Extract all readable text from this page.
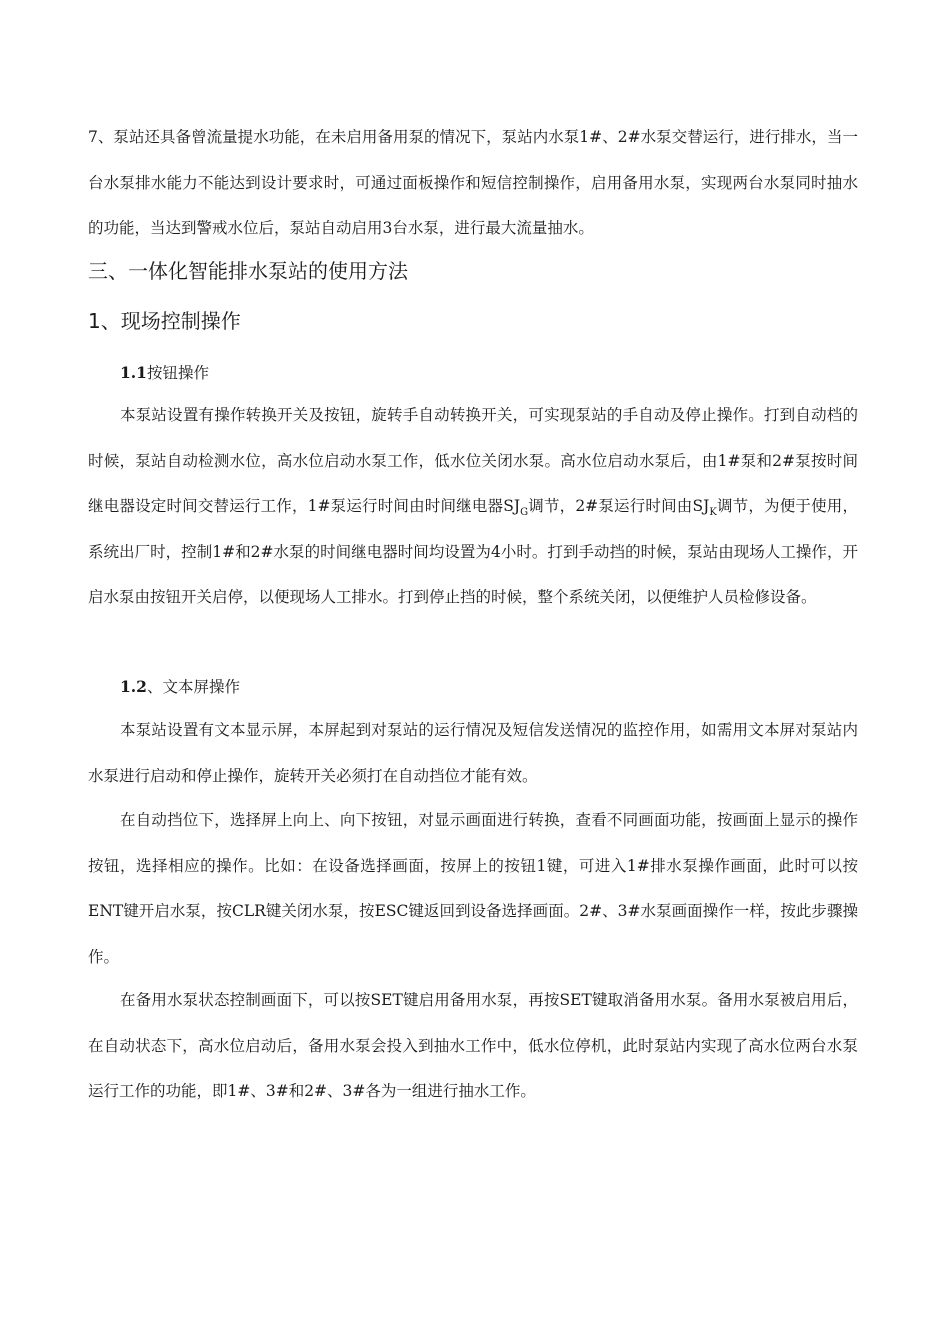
7、泵站还具备曾流量提水功能，在未启用备用泵的情况下，泵站内水泵1#、2#水泵交替运行，进行排水，当一台水泵排水能力不能达到设计要求时，可通过面板操作和短信控制操作，启用备用水泵，实现两台水泵同时抽水的功能，当达到警戒水位后，泵站自动启用3台水泵，进行最大流量抽水。

三、一体化智能排水泵站的使用方法
1、现场控制操作
1.1按钮操作

本泵站设置有操作转换开关及按钮，旋转手自动转换开关，可实现泵站的手自动及停止操作。打到自动档的时候，泵站自动检测水位，高水位启动水泵工作，低水位关闭水泵。高水位启动水泵后，由1#泵和2#泵按时间继电器设定时间交替运行工作，1#泵运行时间由时间继电器$SJ_G$调节，2#泵运行时间由$SJ_K$调节，为便于使用，系统出厂时，控制1#和2#水泵的时间继电器时间均设置为4小时。打到手动挡的时候，泵站由现场人工操作，开启水泵由按钮开关启停，以便现场人工排水。打到停止挡的时候，整个系统关闭，以便维护人员检修设备。

1.2、文本屏操作

本泵站设置有文本显示屏，本屏起到对泵站的运行情况及短信发送情况的监控作用，如需用文本屏对泵站内水泵进行启动和停止操作，旋转开关必须打在自动挡位才能有效。

在自动挡位下，选择屏上向上、向下按钮，对显示画面进行转换，查看不同画面功能，按画面上显示的操作按钮，选择相应的操作。比如：在设备选择画面，按屏上的按钮1键，可进入1#排水泵操作画面，此时可以按ENT键开启水泵，按CLR键关闭水泵，按ESC键返回到设备选择画面。2#、3#水泵画面操作一样，按此步骤操作。

在备用水泵状态控制画面下，可以按SET键启用备用水泵，再按SET键取消备用水泵。备用水泵被启用后，在自动状态下，高水位启动后，备用水泵会投入到抽水工作中，低水位停机，此时泵站内实现了高水位两台水泵运行工作的功能，即1#、3#和2#、3#各为一组进行抽水工作。
